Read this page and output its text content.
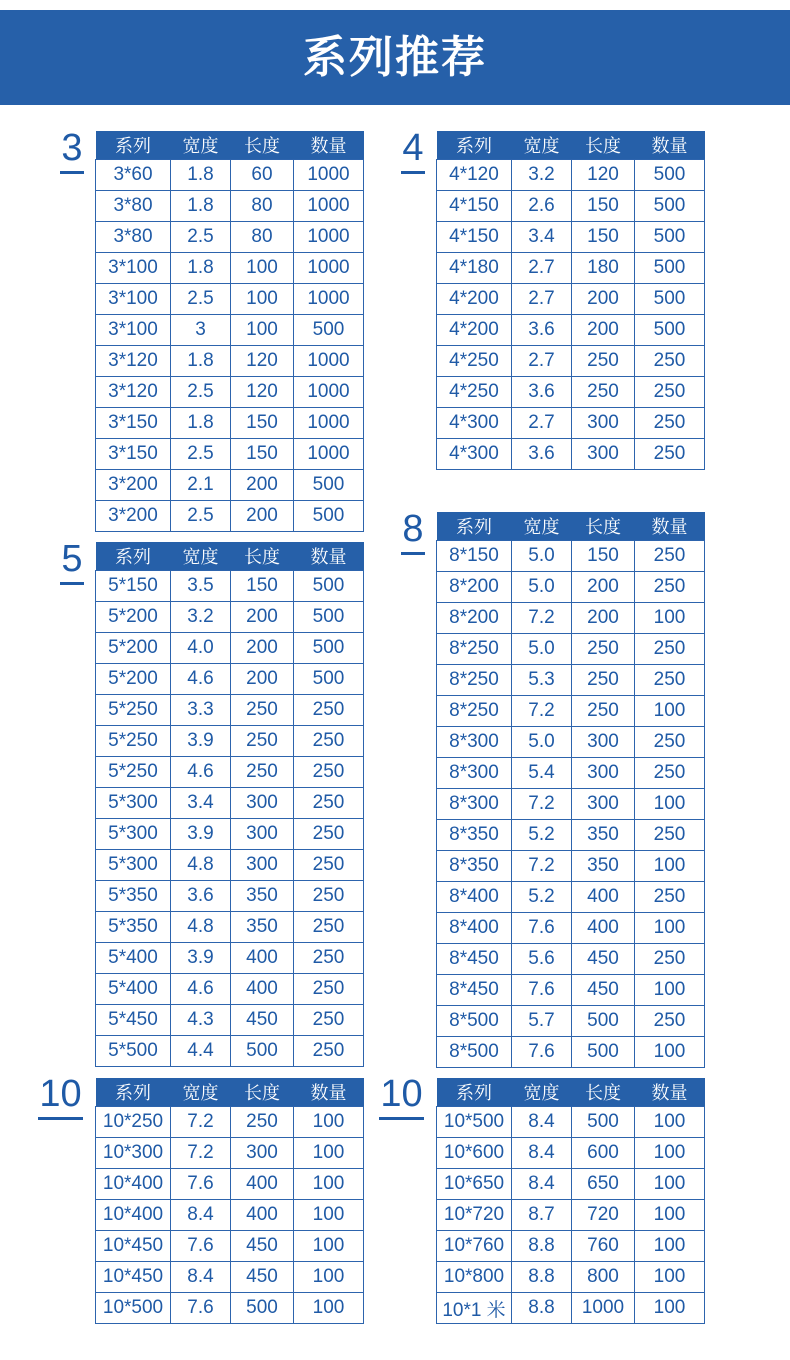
系列推荐
3 系列	宽度	长度	数量
3*60	1.8	60	1000
3*80	1.8	80	1000
3*80	2.5	80	1000
3*100	1.8	100	1000
3*100	2.5	100	1000
3*100	3	100	500
3*120	1.8	120	1000
3*120	2.5	120	1000
3*150	1.8	150	1000
3*150	2.5	150	1000
3*200	2.1	200	500
3*200	2.5	200	500
4 系列	宽度	长度	数量
4*120	3.2	120	500
4*150	2.6	150	500
4*150	3.4	150	500
4*180	2.7	180	500
4*200	2.7	200	500
4*200	3.6	200	500
4*250	2.7	250	250
4*250	3.6	250	250
4*300	2.7	300	250
4*300	3.6	300	250
5 系列	宽度	长度	数量
5*150	3.5	150	500
5*200	3.2	200	500
5*200	4.0	200	500
5*200	4.6	200	500
5*250	3.3	250	250
5*250	3.9	250	250
5*250	4.6	250	250
5*300	3.4	300	250
5*300	3.9	300	250
5*300	4.8	300	250
5*350	3.6	350	250
5*350	4.8	350	250
5*400	3.9	400	250
5*400	4.6	400	250
5*450	4.3	450	250
5*500	4.4	500	250
8 系列	宽度	长度	数量
8*150	5.0	150	250
8*200	5.0	200	250
8*200	7.2	200	100
8*250	5.0	250	250
8*250	5.3	250	250
8*250	7.2	250	100
8*300	5.0	300	250
8*300	5.4	300	250
8*300	7.2	300	100
8*350	5.2	350	250
8*350	7.2	350	100
8*400	5.2	400	250
8*400	7.6	400	100
8*450	5.6	450	250
8*450	7.6	450	100
8*500	5.7	500	250
8*500	7.6	500	100
10 系列	宽度	长度	数量
10*250	7.2	250	100
10*300	7.2	300	100
10*400	7.6	400	100
10*400	8.4	400	100
10*450	7.6	450	100
10*450	8.4	450	100
10*500	7.6	500	100
10 系列	宽度	长度	数量
10*500	8.4	500	100
10*600	8.4	600	100
10*650	8.4	650	100
10*720	8.7	720	100
10*760	8.8	760	100
10*800	8.8	800	100
10*1 米	8.8	1000	100
